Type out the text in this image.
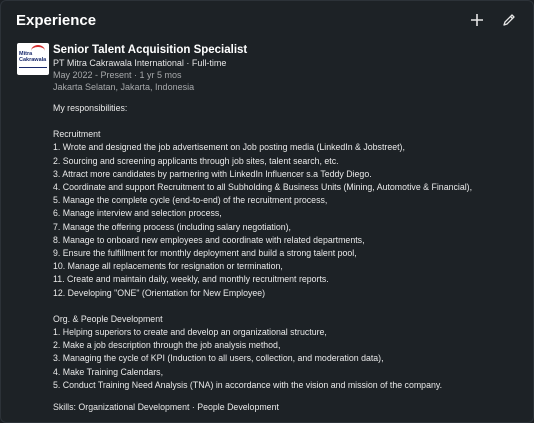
Experience
Mitra
Cakrawala
Senior Talent Acquisition Specialist
PT Mitra Cakrawala International · Full-time
May 2022 - Present · 1 yr 5 mos
Jakarta Selatan, Jakarta, Indonesia
My responsibilities:
Recruitment
1. Wrote and designed the job advertisement on Job posting media (LinkedIn & Jobstreet),
2. Sourcing and screening applicants through job sites, talent search, etc.
3. Attract more candidates by partnering with LinkedIn Influencer s.a Teddy Diego.
4. Coordinate and support Recruitment to all Subholding & Business Units (Mining, Automotive & Financial),
5. Manage the complete cycle (end-to-end) of the recruitment process,
6. Manage interview and selection process,
7. Manage the offering process (including salary negotiation),
8. Manage to onboard new employees and coordinate with related departments,
9. Ensure the fulfillment for monthly deployment and build a strong talent pool,
10. Manage all replacements for resignation or termination,
11. Create and maintain daily, weekly, and monthly recruitment reports.
12. Developing "ONE" (Orientation for New Employee)
Org. & People Development
1. Helping superiors to create and develop an organizational structure,
2. Make a job description through the job analysis method,
3. Managing the cycle of KPI (Induction to all users, collection, and moderation data),
4. Make Training Calendars,
5. Conduct Training Need Analysis (TNA) in accordance with the vision and mission of the company.
Skills: Organizational Development · People Development
